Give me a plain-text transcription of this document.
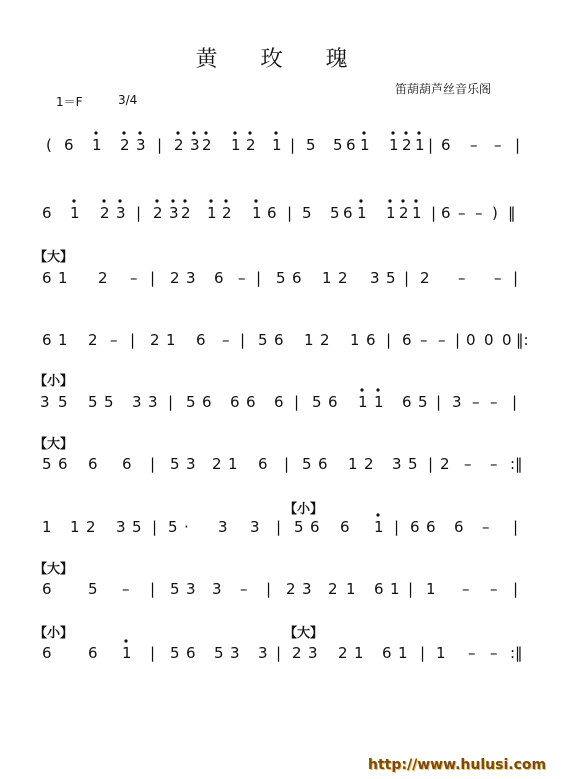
黄 玫 瑰
笛葫葫芦丝音乐阁
1＝F	3/4
( 6 1 2 3 | 2 3 2 1 2 1 | 5 5 6 1 1 2 1 | 6 – – |
6 1 2 3 | 2 3 2 1 2 1 6 | 5 5 6 1 1 2 1 | 6 – – ) ‖
6 1 2 – | 2 3 6 – | 5 6 1 2 3 5 | 2 – – |
6 1 2 – | 2 1 6 – | 5 6 1 2 1 6 | 6 – – | 0 0 0 ‖:
3 5 5 5 3 3 | 5 6 6 6 6 | 5 6 1 1 6 5 | 3 – – |
5 6 6 6 | 5 3 2 1 6 | 5 6 1 2 3 5 | 2 – – :‖
1 1 2 3 5 | 5 · 3 3 | 5 6 6 1 | 6 6 6 – |
6 5 – | 5 3 3 – | 2 3 2 1 6 1 | 1 – – |
6 6 1 | 5 6 5 3 3 | 2 3 2 1 6 1 | 1 – – :‖
【大】
【小】
【大】
【大】
【小】
【小】
【大】
http://www.hulusi.com
